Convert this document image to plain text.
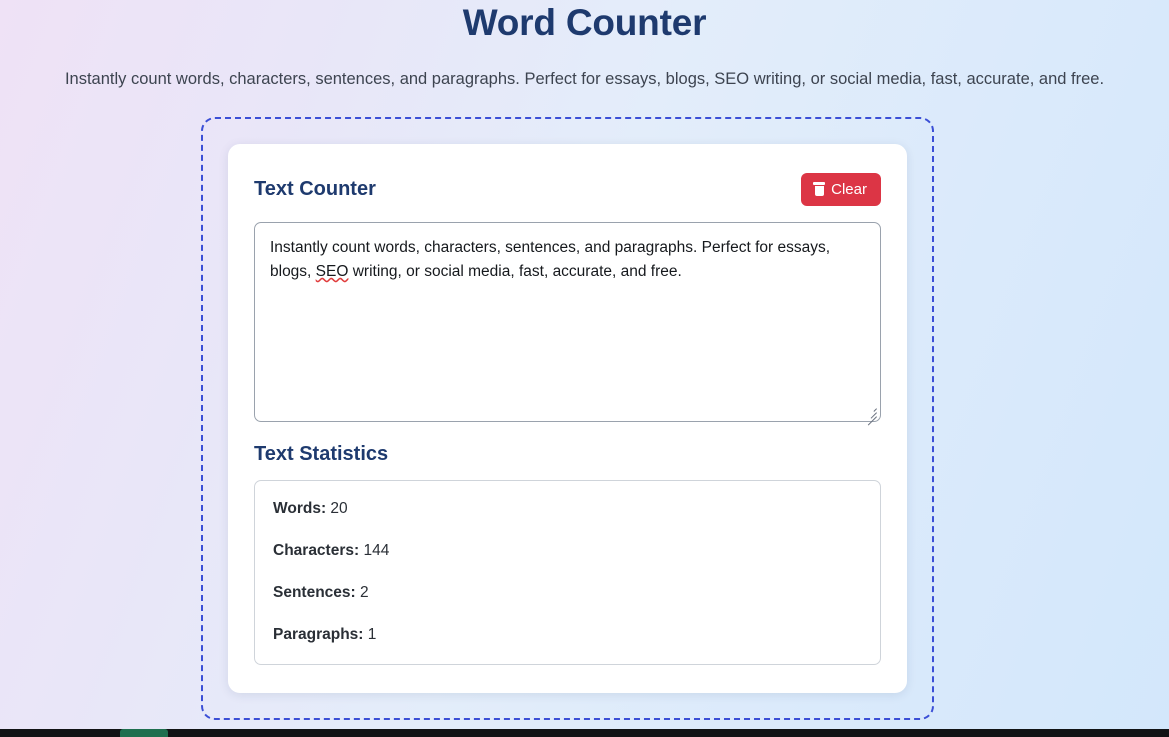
Word Counter

Instantly count words, characters, sentences, and paragraphs. Perfect for essays, blogs, SEO writing, or social media, fast, accurate, and free.

Text Counter	Clear
Instantly count words, characters, sentences, and paragraphs. Perfect for essays, blogs, SEO writing, or social media, fast, accurate, and free.
Text Statistics
Words: 20
Characters: 144
Sentences: 2
Paragraphs: 1
